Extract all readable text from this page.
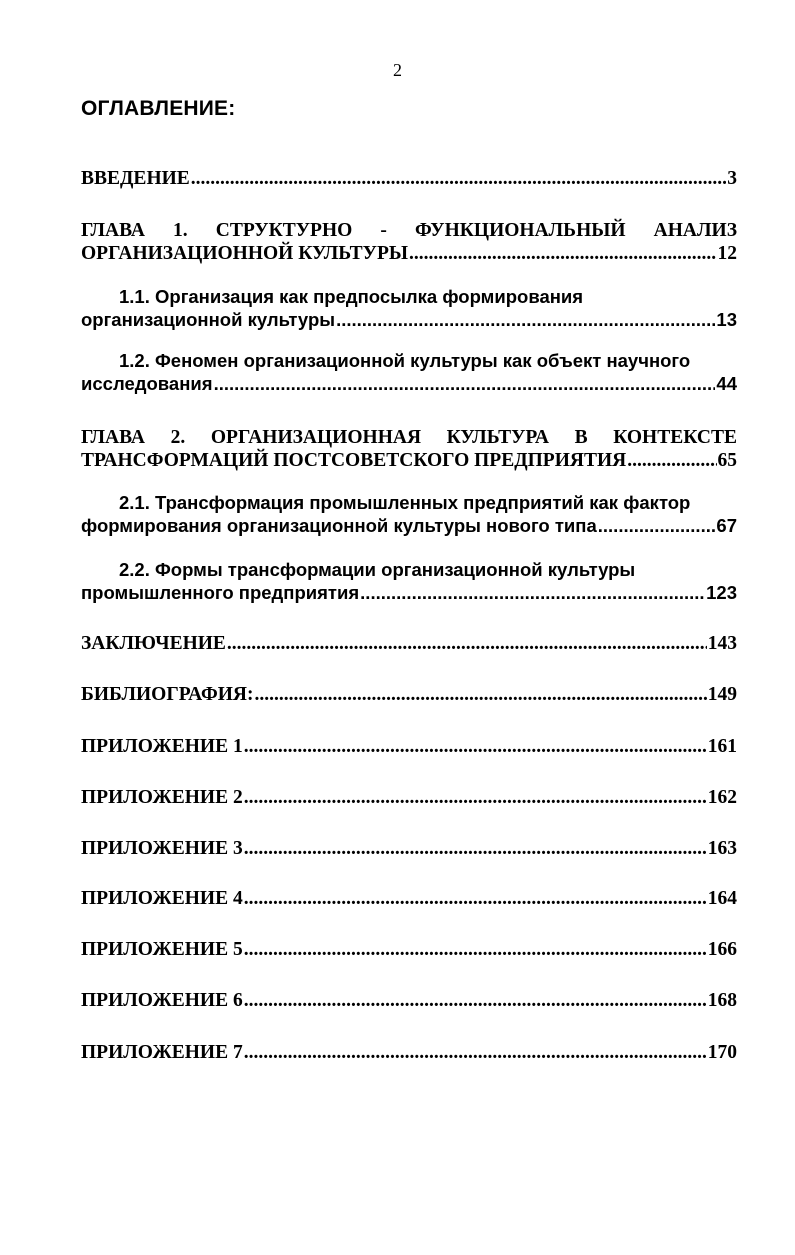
2
ОГЛАВЛЕНИЕ:
ВВЕДЕНИЕ .....	3
ГЛАВА 1. СТРУКТУРНО - ФУНКЦИОНАЛЬНЫЙ АНАЛИЗ
ОРГАНИЗАЦИОННОЙ КУЛЬТУРЫ .....	12
1.1. Организация как предпосылка формирования
организационной культуры .....	13
1.2. Феномен организационной культуры как объект научного
исследования .....	44
ГЛАВА 2. ОРГАНИЗАЦИОННАЯ КУЛЬТУРА В КОНТЕКСТЕ
ТРАНСФОРМАЦИЙ ПОСТСОВЕТСКОГО ПРЕДПРИЯТИЯ .....	65
2.1. Трансформация промышленных предприятий как фактор
формирования организационной культуры нового типа .....	67
2.2. Формы трансформации организационной культуры
промышленного предприятия .....	123
ЗАКЛЮЧЕНИЕ .....	143
БИБЛИОГРАФИЯ: .....	149
ПРИЛОЖЕНИЕ 1 .....	161
ПРИЛОЖЕНИЕ 2 .....	162
ПРИЛОЖЕНИЕ 3 .....	163
ПРИЛОЖЕНИЕ 4 .....	164
ПРИЛОЖЕНИЕ 5 .....	166
ПРИЛОЖЕНИЕ 6 .....	168
ПРИЛОЖЕНИЕ 7 .....	170
